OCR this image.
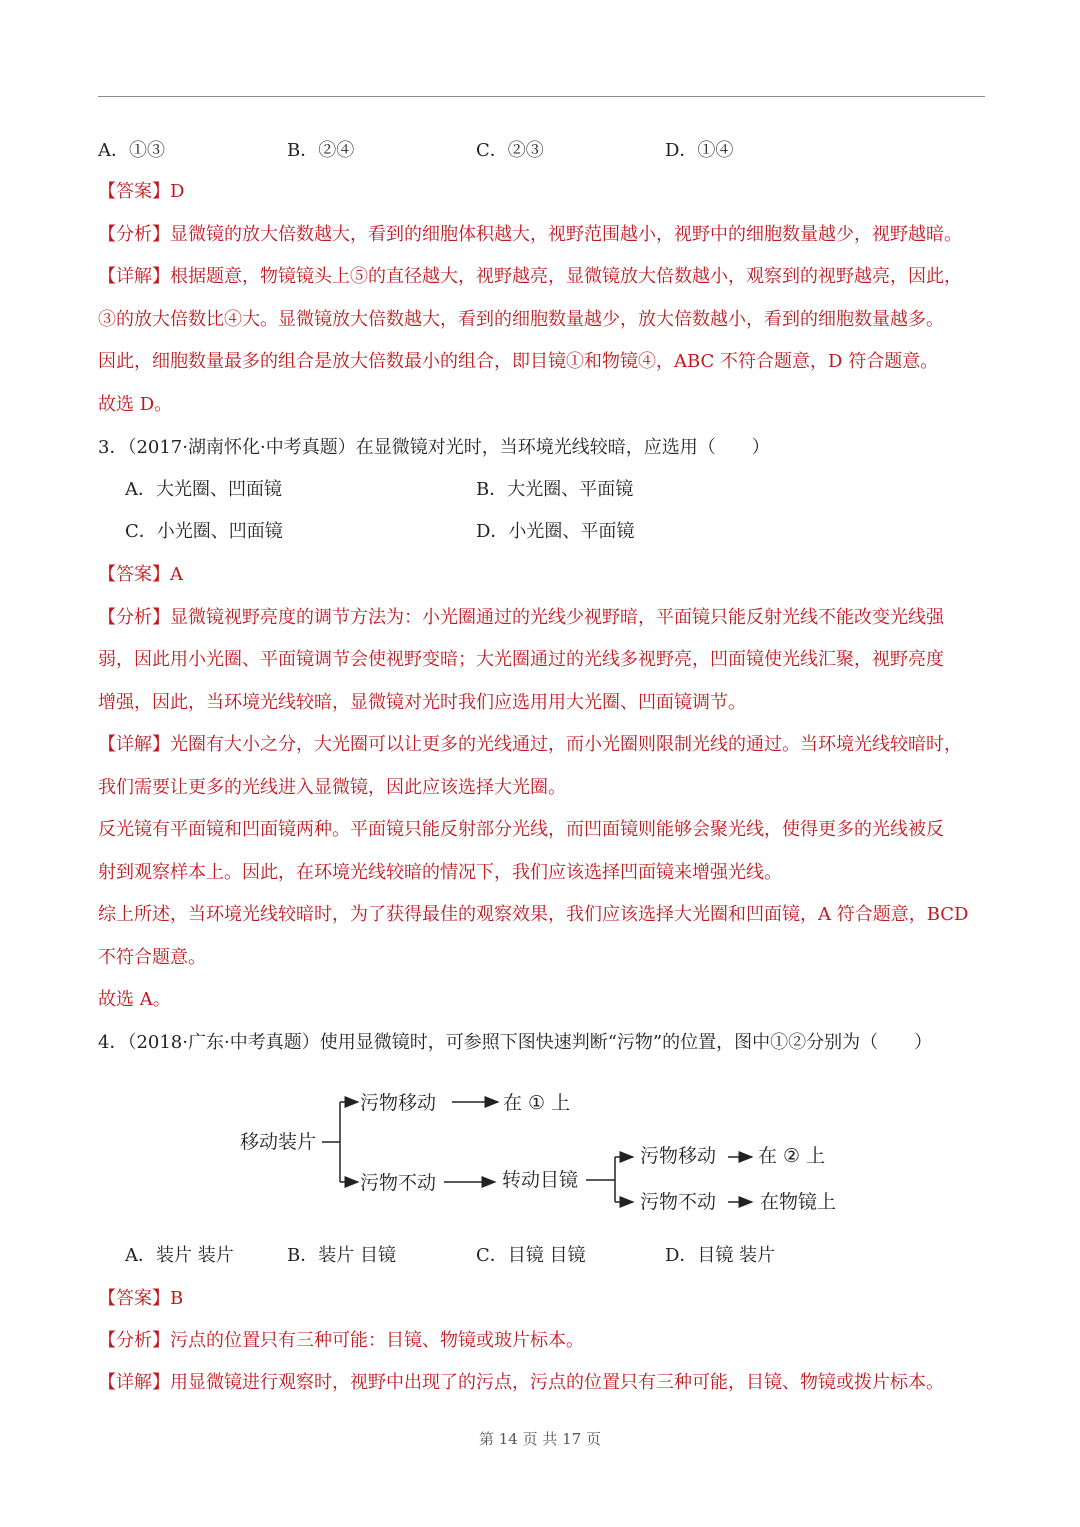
A．①③	B．②④	C．②③	D．①④
【答案】D
【分析】显微镜的放大倍数越大，看到的细胞体积越大，视野范围越小，视野中的细胞数量越少，视野越暗。
【详解】根据题意，物镜镜头上⑤的直径越大，视野越亮，显微镜放大倍数越小，观察到的视野越亮，因此，
③的放大倍数比④大。显微镜放大倍数越大，看到的细胞数量越少，放大倍数越小，看到的细胞数量越多。
因此，细胞数量最多的组合是放大倍数最小的组合，即目镜①和物镜④，ABC 不符合题意，D 符合题意。
故选 D。
3．（2017·湖南怀化·中考真题）在显微镜对光时，当环境光线较暗，应选用（　　）
A．大光圈、凹面镜	B．大光圈、平面镜
C．小光圈、凹面镜	D．小光圈、平面镜
【答案】A
【分析】显微镜视野亮度的调节方法为：小光圈通过的光线少视野暗，平面镜只能反射光线不能改变光线强
弱，因此用小光圈、平面镜调节会使视野变暗；大光圈通过的光线多视野亮，凹面镜使光线汇聚，视野亮度
增强，因此，当环境光线较暗，显微镜对光时我们应选用用大光圈、凹面镜调节。
【详解】光圈有大小之分，大光圈可以让更多的光线通过，而小光圈则限制光线的通过。当环境光线较暗时，
我们需要让更多的光线进入显微镜，因此应该选择大光圈。
反光镜有平面镜和凹面镜两种。平面镜只能反射部分光线，而凹面镜则能够会聚光线，使得更多的光线被反
射到观察样本上。因此，在环境光线较暗的情况下，我们应该选择凹面镜来增强光线。
综上所述，当环境光线较暗时，为了获得最佳的观察效果，我们应该选择大光圈和凹面镜，A 符合题意，BCD
不符合题意。
故选 A。
4．（2018·广东·中考真题）使用显微镜时，可参照下图快速判断“污物”的位置，图中①②分别为（　　）
移动装片
污物移动	在 ① 上
污物不动	转动目镜
污物移动 在 ② 上
污物不动 在物镜上
A．装片 装片	B．装片 目镜	C．目镜 目镜	D．目镜 装片
【答案】B
【分析】污点的位置只有三种可能：目镜、物镜或玻片标本。
【详解】用显微镜进行观察时，视野中出现了的污点，污点的位置只有三种可能，目镜、物镜或拨片标本。
第 14 页 共 17 页
